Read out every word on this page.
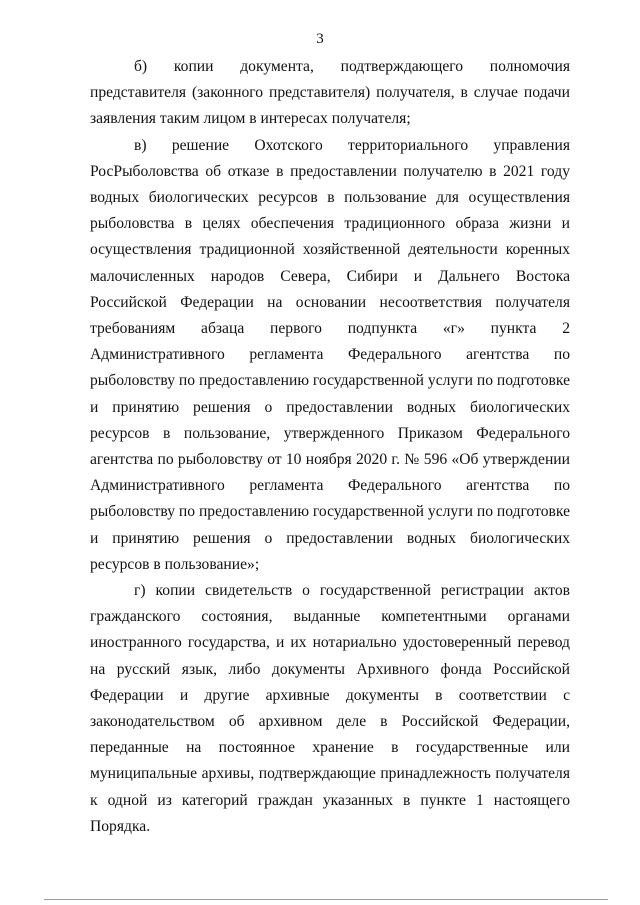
3

б) копии документа, подтверждающего полномочия представителя (законного представителя) получателя, в случае подачи заявления таким лицом в интересах получателя;

в) решение Охотского территориального управления РосРыболовства об отказе в предоставлении получателю в 2021 году водных биологических ресурсов в пользование для осуществления рыболовства в целях обеспечения традиционного образа жизни и осуществления традиционной хозяйственной деятельности коренных малочисленных народов Севера, Сибири и Дальнего Востока Российской Федерации на основании несоответствия получателя требованиям абзаца первого подпункта «г» пункта 2 Административного регламента Федерального агентства по рыболовству по предоставлению государственной услуги по подготовке и принятию решения о предоставлении водных биологических ресурсов в пользование, утвержденного Приказом Федерального агентства по рыболовству от 10 ноября 2020 г. № 596 «Об утверждении Административного регламента Федерального агентства по рыболовству по предоставлению государственной услуги по подготовке и принятию решения о предоставлении водных биологических ресурсов в пользование»;

г) копии свидетельств о государственной регистрации актов гражданского состояния, выданные компетентными органами иностранного государства, и их нотариально удостоверенный перевод на русский язык, либо документы Архивного фонда Российской Федерации и другие архивные документы в соответствии с законодательством об архивном деле в Российской Федерации, переданные на постоянное хранение в государственные или муниципальные архивы, подтверждающие принадлежность получателя к одной из категорий граждан указанных в пункте 1 настоящего Порядка.
